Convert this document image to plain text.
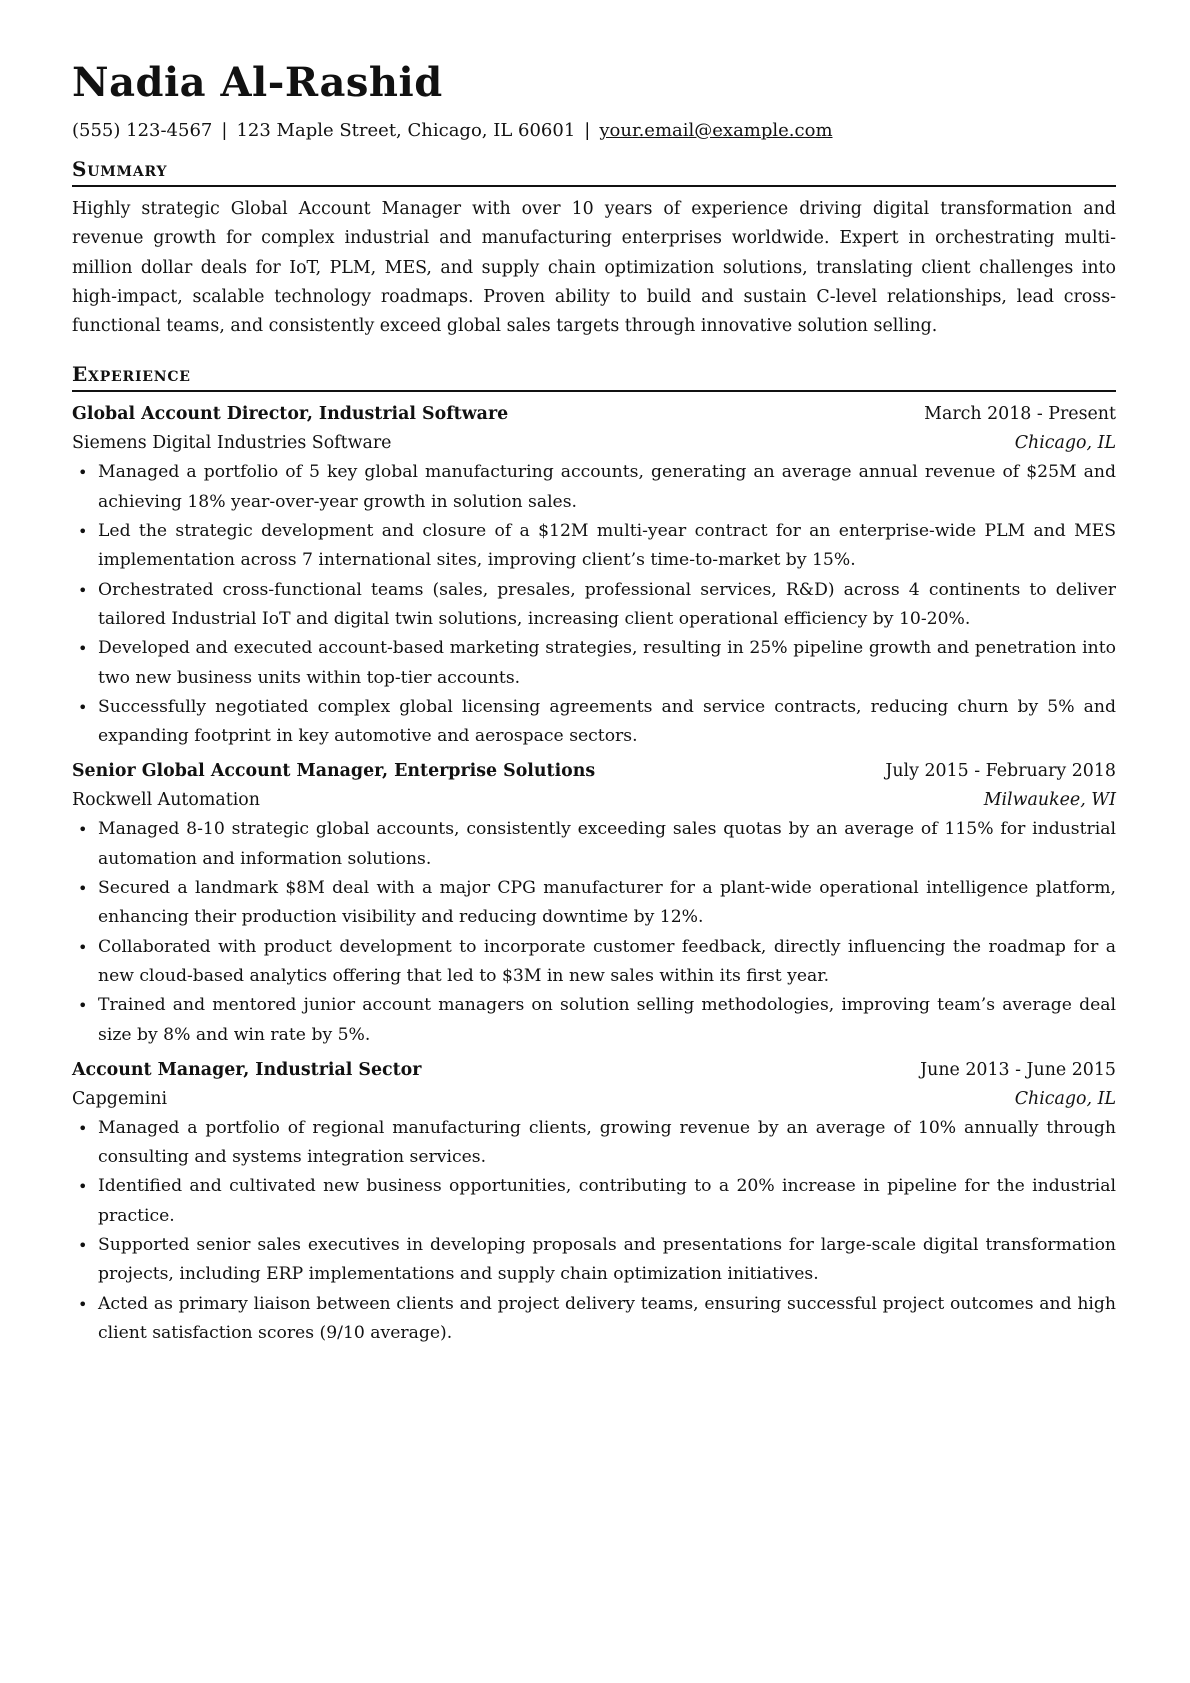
Nadia Al-Rashid
(555) 123-4567 | 123 Maple Street, Chicago, IL 60601 | your.email@example.com
Summary

Highly strategic Global Account Manager with over 10 years of experience driving digital transformation and revenue growth for complex industrial and manufacturing enterprises worldwide. Expert in orchestrating multi-million dollar deals for IoT, PLM, MES, and supply chain optimization solutions, translating client challenges into high-impact, scalable technology roadmaps. Proven ability to build and sustain C-level relationships, lead cross-functional teams, and consistently exceed global sales targets through innovative solution selling.

Experience
Global Account Director, Industrial Software	March 2018 - Present
Siemens Digital Industries Software	Chicago, IL
• Managed a portfolio of 5 key global manufacturing accounts, generating an average annual revenue of $25M and achieving 18% year-over-year growth in solution sales.
• Led the strategic development and closure of a $12M multi-year contract for an enterprise-wide PLM and MES implementation across 7 international sites, improving client’s time-to-market by 15%.
• Orchestrated cross-functional teams (sales, presales, professional services, R&D) across 4 continents to deliver tailored Industrial IoT and digital twin solutions, increasing client operational efficiency by 10-20%.
• Developed and executed account-based marketing strategies, resulting in 25% pipeline growth and penetration into two new business units within top-tier accounts.
• Successfully negotiated complex global licensing agreements and service contracts, reducing churn by 5% and expanding footprint in key automotive and aerospace sectors.
Senior Global Account Manager, Enterprise Solutions	July 2015 - February 2018
Rockwell Automation	Milwaukee, WI
• Managed 8-10 strategic global accounts, consistently exceeding sales quotas by an average of 115% for industrial automation and information solutions.
• Secured a landmark $8M deal with a major CPG manufacturer for a plant-wide operational intelligence platform, enhancing their production visibility and reducing downtime by 12%.
• Collaborated with product development to incorporate customer feedback, directly influencing the roadmap for a new cloud-based analytics offering that led to $3M in new sales within its first year.
• Trained and mentored junior account managers on solution selling methodologies, improving team’s average deal size by 8% and win rate by 5%.
Account Manager, Industrial Sector	June 2013 - June 2015
Capgemini	Chicago, IL
• Managed a portfolio of regional manufacturing clients, growing revenue by an average of 10% annually through consulting and systems integration services.
• Identified and cultivated new business opportunities, contributing to a 20% increase in pipeline for the industrial practice.
• Supported senior sales executives in developing proposals and presentations for large-scale digital transformation projects, including ERP implementations and supply chain optimization initiatives.
• Acted as primary liaison between clients and project delivery teams, ensuring successful project outcomes and high client satisfaction scores (9/10 average).
